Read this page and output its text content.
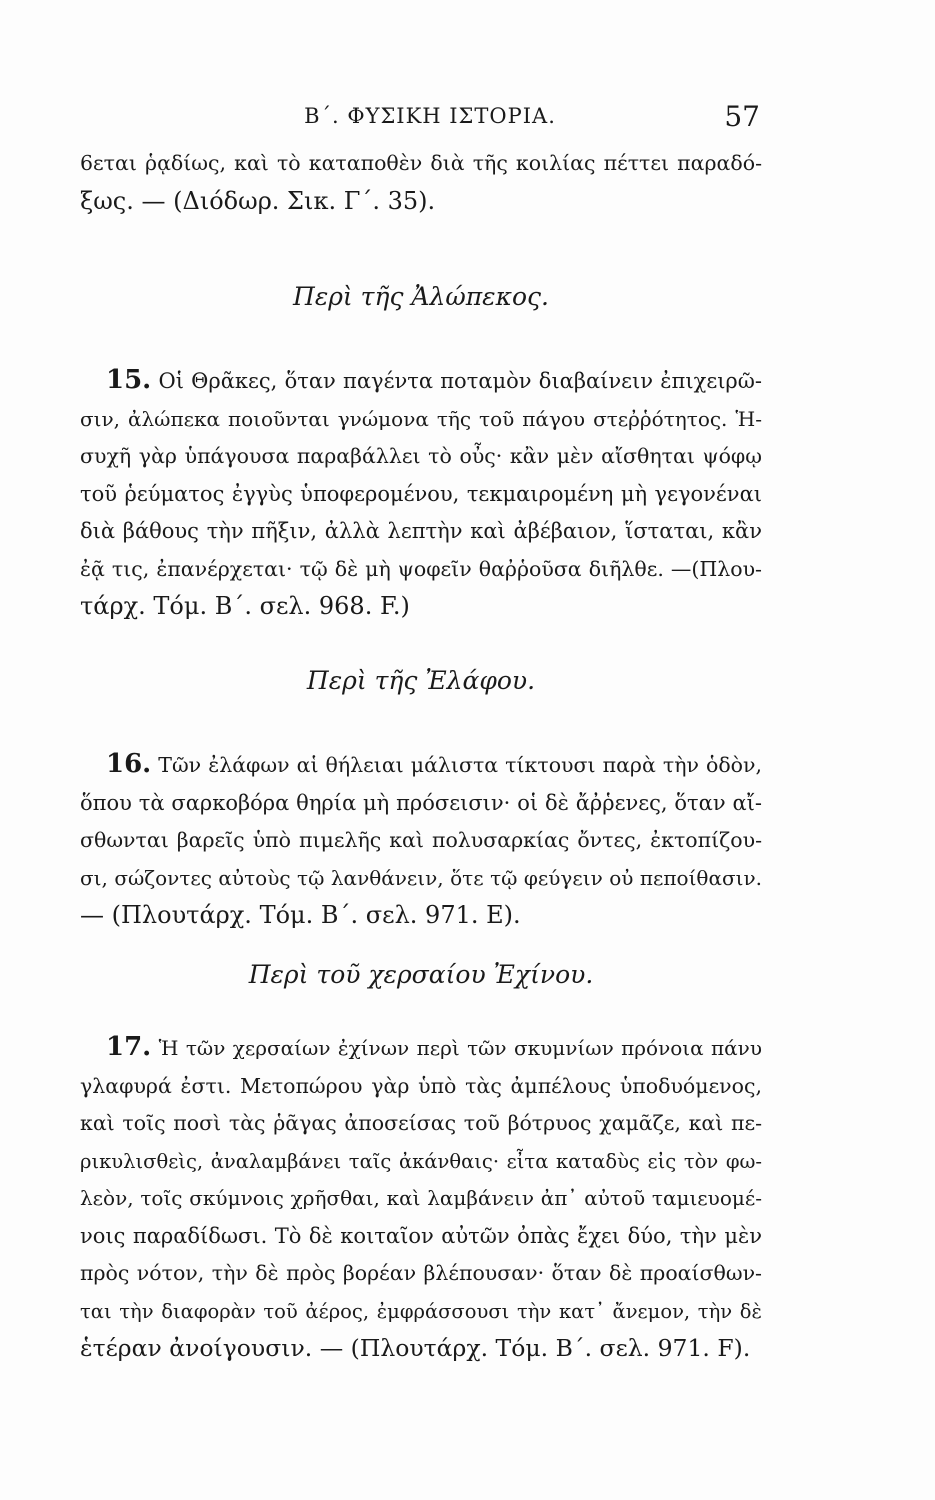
Β΄. ΦΥΣΙΚΗ ΙΣΤΟΡΙΑ.	57
6εται ῥᾳδίως, καὶ τὸ καταποθὲν διὰ τῆς κοιλίας πέττει παραδό-
ξως. — (Διόδωρ. Σικ. Γ΄. 35).
Περὶ τῆς Ἀλώπεκος.
15. Οἱ Θρᾶκες, ὅταν παγέντα ποταμὸν διαβαίνειν ἐπιχειρῶ-
σιν, ἀλώπεκα ποιοῦνται γνώμονα τῆς τοῦ πάγου στεῤῥότητος. Ἡ-
συχῆ γὰρ ὑπάγουσα παραβάλλει τὸ οὖς· κἂν μὲν αἴσθηται ψόφῳ
τοῦ ῥεύματος ἐγγὺς ὑποφερομένου, τεκμαιρομένη μὴ γεγονέναι
διὰ βάθους τὴν πῆξιν, ἀλλὰ λεπτὴν καὶ ἀβέβαιον, ἵσταται, κἂν
ἐᾷ τις, ἐπανέρχεται· τῷ δὲ μὴ ψοφεῖν θαῤῥοῦσα διῆλθε. —(Πλου-
τάρχ. Τόμ. Β΄. σελ. 968. F.)
Περὶ τῆς Ἐλάφου.
16. Τῶν ἐλάφων αἱ θήλειαι μάλιστα τίκτουσι παρὰ τὴν ὁδὸν,
ὅπου τὰ σαρκοβόρα θηρία μὴ πρόσεισιν· οἱ δὲ ἄῤῥενες, ὅταν αἴ-
σθωνται βαρεῖς ὑπὸ πιμελῆς καὶ πολυσαρκίας ὄντες, ἐκτοπίζου-
σι, σώζοντες αὐτοὺς τῷ λανθάνειν, ὅτε τῷ φεύγειν οὐ πεποίθασιν.
— (Πλουτάρχ. Τόμ. Β΄. σελ. 971. E).
Περὶ τοῦ χερσαίου Ἐχίνου.
17. Ἡ τῶν χερσαίων ἐχίνων περὶ τῶν σκυμνίων πρόνοια πάνυ
γλαφυρά ἐστι. Μετοπώρου γὰρ ὑπὸ τὰς ἀμπέλους ὑποδυόμενος,
καὶ τοῖς ποσὶ τὰς ῥᾶγας ἀποσείσας τοῦ βότρυος χαμᾶζε, καὶ πε-
ρικυλισθεὶς, ἀναλαμβάνει ταῖς ἀκάνθαις· εἶτα καταδὺς εἰς τὸν φω-
λεὸν, τοῖς σκύμνοις χρῆσθαι, καὶ λαμβάνειν ἀπ᾽ αὐτοῦ ταμιευομέ-
νοις παραδίδωσι. Τὸ δὲ κοιταῖον αὐτῶν ὀπὰς ἔχει δύο, τὴν μὲν
πρὸς νότον, τὴν δὲ πρὸς βορέαν βλέπουσαν· ὅταν δὲ προαίσθων-
ται τὴν διαφορὰν τοῦ ἀέρος, ἐμφράσσουσι τὴν κατ᾽ ἄνεμον, τὴν δὲ
ἑτέραν ἀνοίγουσιν. — (Πλουτάρχ. Τόμ. Β΄. σελ. 971. F).
